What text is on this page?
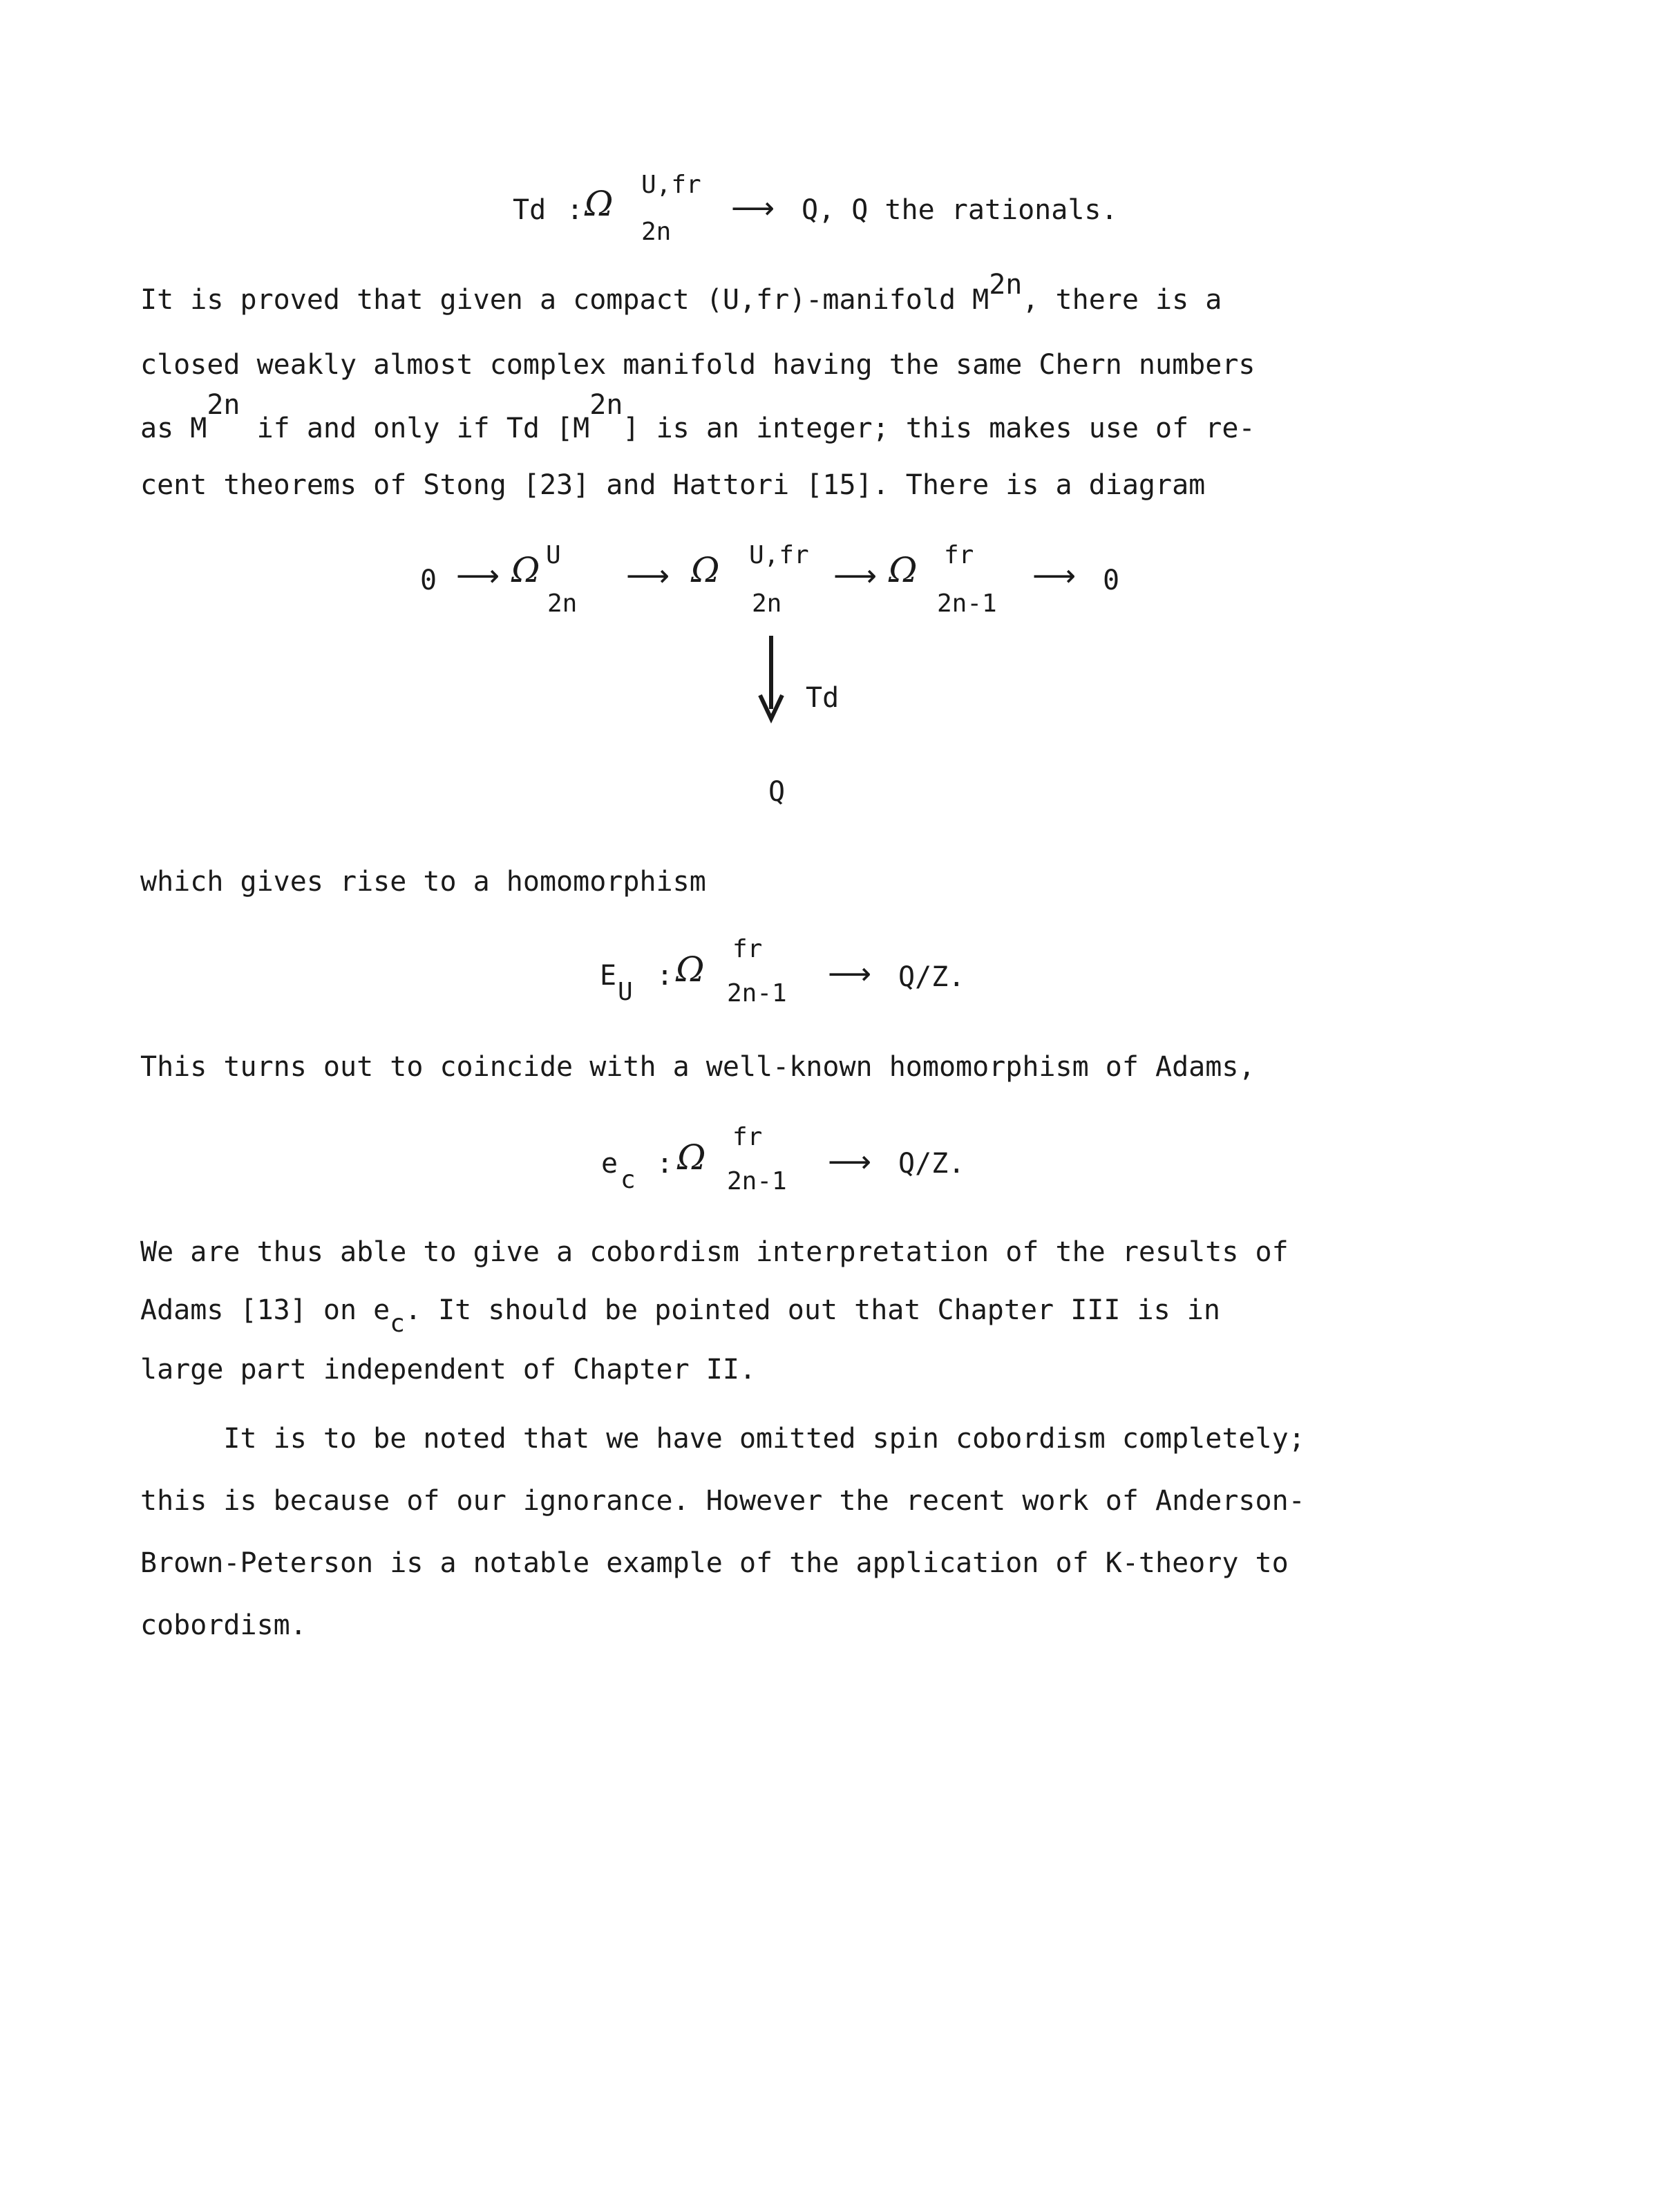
Td : Ω U,fr
2n
⟶ Q, Q the rationals.
It is proved that given a compact (U,fr)-manifold M2n, there is a
closed weakly almost complex manifold having the same Chern numbers
as M2n if and only if Td [M2n] is an integer; this makes use of re-
cent theorems of Stong [23] and Hattori [15]. There is a diagram
0 ⟶ Ω U
2n
⟶ Ω U,fr
2n
⟶ Ω fr
2n-1
⟶ 0
Td
Q
which gives rise to a homomorphism
E
U
: Ω
fr
2n-1
⟶ Q/Z.
This turns out to coincide with a well-known homomorphism of Adams,
e
c
: Ω
fr
2n-1
⟶ Q/Z.
We are thus able to give a cobordism interpretation of the results of
Adams [13] on ec. It should be pointed out that Chapter III is in
large part independent of Chapter II.
It is to be noted that we have omitted spin cobordism completely;
this is because of our ignorance. However the recent work of Anderson-
Brown-Peterson is a notable example of the application of K-theory to
cobordism.
